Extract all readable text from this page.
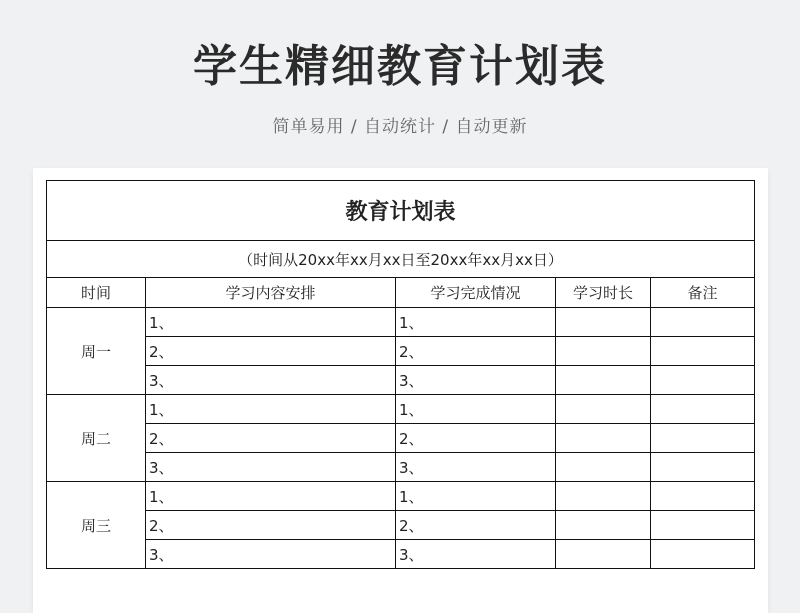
学生精细教育计划表
简单易用 / 自动统计 / 自动更新
教育计划表				
（时间从20xx年xx月xx日至20xx年xx月xx日）				
时间	学习内容安排	学习完成情况	学习时长	备注
周一	1、	1、		
	2、	2、		
	3、	3、		
周二	1、	1、		
	2、	2、		
	3、	3、		
周三	1、	1、		
	2、	2、		
	3、	3、		
